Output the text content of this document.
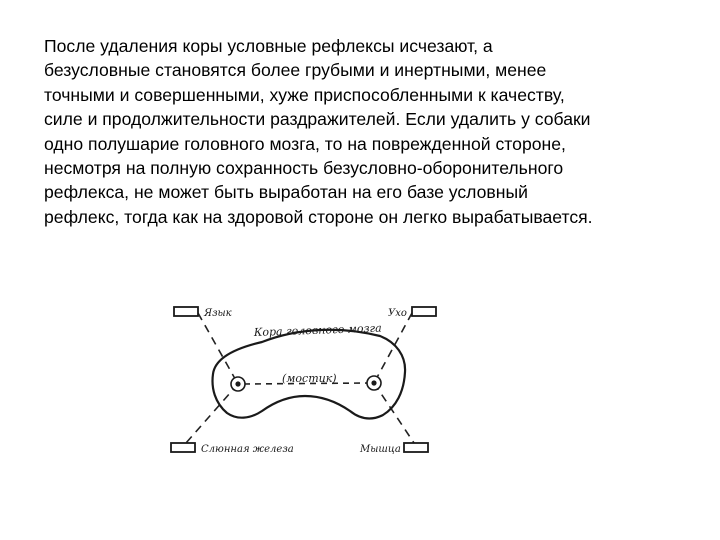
После удаления коры условные рефлексы исчезают, а
безусловные становятся более грубыми и инертными, менее
точными и совершенными, хуже приспособленными к качеству,
силе и продолжительности раздражителей. Если удалить у собаки
одно полушарие головного мозга, то на поврежденной стороне,
несмотря на полную сохранность безусловно-оборонительного
рефлекса, не может быть выработан на его базе условный
рефлекс, тогда как на здоровой стороне он легко вырабатывается.

Язык	Ухо
Кора головного мозга
(мостик)
Слюнная железа	Мышца
